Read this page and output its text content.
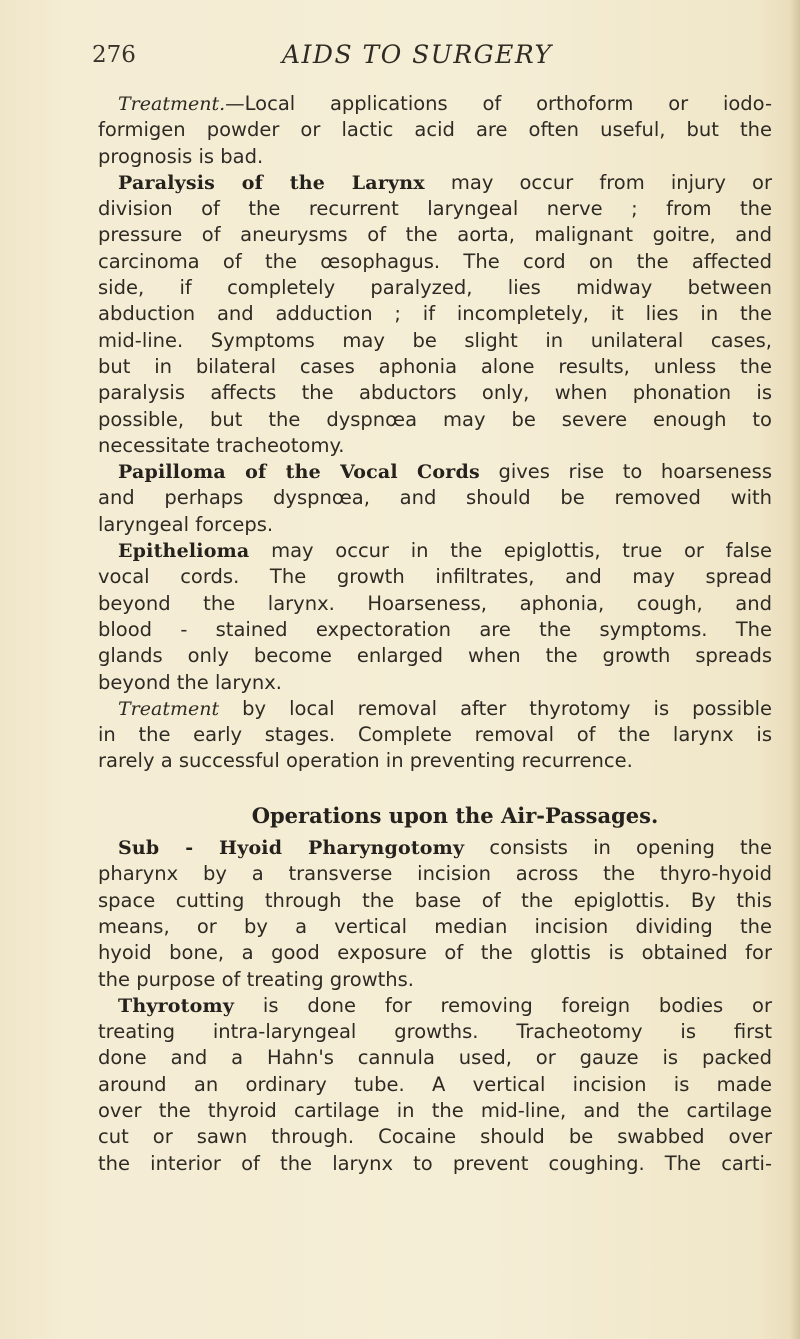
276	AIDS TO SURGERY
Treatment.—Local applications of orthoform or iodo-
formigen powder or lactic acid are often useful, but the
prognosis is bad.
Paralysis of the Larynx may occur from injury or
division of the recurrent laryngeal nerve ; from the
pressure of aneurysms of the aorta, malignant goitre, and
carcinoma of the œsophagus. The cord on the affected
side, if completely paralyzed, lies midway between
abduction and adduction ; if incompletely, it lies in the
mid-line. Symptoms may be slight in unilateral cases,
but in bilateral cases aphonia alone results, unless the
paralysis affects the abductors only, when phonation is
possible, but the dyspnœa may be severe enough to
necessitate tracheotomy.
Papilloma of the Vocal Cords gives rise to hoarseness
and perhaps dyspnœa, and should be removed with
laryngeal forceps.
Epithelioma may occur in the epiglottis, true or false
vocal cords. The growth infiltrates, and may spread
beyond the larynx. Hoarseness, aphonia, cough, and
blood - stained expectoration are the symptoms. The
glands only become enlarged when the growth spreads
beyond the larynx.
Treatment by local removal after thyrotomy is possible
in the early stages. Complete removal of the larynx is
rarely a successful operation in preventing recurrence.
Operations upon the Air-Passages.
Sub - Hyoid Pharyngotomy consists in opening the
pharynx by a transverse incision across the thyro-hyoid
space cutting through the base of the epiglottis. By this
means, or by a vertical median incision dividing the
hyoid bone, a good exposure of the glottis is obtained for
the purpose of treating growths.
Thyrotomy is done for removing foreign bodies or
treating intra-laryngeal growths. Tracheotomy is first
done and a Hahn's cannula used, or gauze is packed
around an ordinary tube. A vertical incision is made
over the thyroid cartilage in the mid-line, and the cartilage
cut or sawn through. Cocaine should be swabbed over
the interior of the larynx to prevent coughing. The carti-
